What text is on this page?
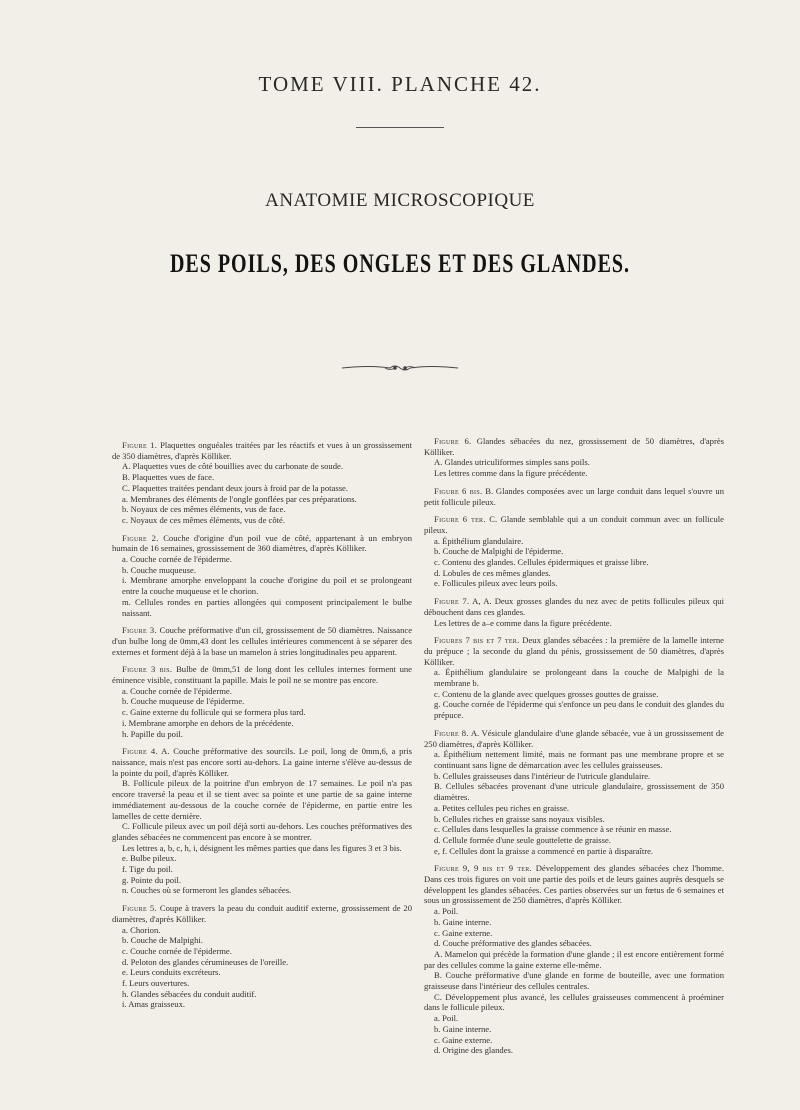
TOME VIII. PLANCHE 42.
ANATOMIE MICROSCOPIQUE
DES POILS, DES ONGLES ET DES GLANDES.

Figure 1. Plaquettes onguéales traitées par les réactifs et vues à un grossissement de 350 diamètres, d'après Kölliker.

A. Plaquettes vues de côté bouillies avec du carbonate de soude.

B. Plaquettes vues de face.

C. Plaquettes traitées pendant deux jours à froid par de la potasse.

a. Membranes des éléments de l'ongle gonflées par ces préparations.

b. Noyaux de ces mêmes éléments, vus de face.

c. Noyaux de ces mêmes éléments, vus de côté.

Figure 2. Couche d'origine d'un poil vue de côté, appartenant à un embryon humain de 16 semaines, grossissement de 360 diamètres, d'après Kölliker.

a. Couche cornée de l'épiderme.

b. Couche muqueuse.

i. Membrane amorphe enveloppant la couche d'origine du poil et se prolongeant entre la couche muqueuse et le chorion.

m. Cellules rondes en parties allongées qui composent principalement le bulbe naissant.

Figure 3. Couche préformative d'un cil, grossissement de 50 diamètres. Naissance d'un bulbe long de 0mm,43 dont les cellules intérieures commencent à se séparer des externes et forment déjà à la base un mamelon à stries longitudinales peu apparent.

Figure 3 bis. Bulbe de 0mm,51 de long dont les cellules internes forment une éminence visible, constituant la papille. Mais le poil ne se montre pas encore.

a. Couche cornée de l'épiderme.

b. Couche muqueuse de l'épiderme.

c. Gaine externe du follicule qui se formera plus tard.

i. Membrane amorphe en dehors de la précédente.

h. Papille du poil.

Figure 4. A. Couche préformative des sourcils. Le poil, long de 0mm,6, a pris naissance, mais n'est pas encore sorti au-dehors. La gaine interne s'élève au-dessus de la pointe du poil, d'après Kölliker.

B. Follicule pileux de la poitrine d'un embryon de 17 semaines. Le poil n'a pas encore traversé la peau et il se tient avec sa pointe et une partie de sa gaine interne immédiatement au-dessous de la couche cornée de l'épiderme, en partie entre les lamelles de cette dernière.

C. Follicule pileux avec un poil déjà sorti au-dehors. Les couches préformatives des glandes sébacées ne commencent pas encore à se montrer.

Les lettres a, b, c, h, i, désignent les mêmes parties que dans les figures 3 et 3 bis.

e. Bulbe pileux.

f. Tige du poil.

g. Pointe du poil.

n. Couches où se formeront les glandes sébacées.

Figure 5. Coupe à travers la peau du conduit auditif externe, grossissement de 20 diamètres, d'après Kölliker.

a. Chorion.

b. Couche de Malpighi.

c. Couche cornée de l'épiderme.

d. Peloton des glandes cérumineuses de l'oreille.

e. Leurs conduits excréteurs.

f. Leurs ouvertures.

h. Glandes sébacées du conduit auditif.

i. Amas graisseux.

Figure 6. Glandes sébacées du nez, grossissement de 50 diamètres, d'après Kölliker.

A. Glandes utriculiformes simples sans poils.

Les lettres comme dans la figure précédente.

Figure 6 bis. B. Glandes composées avec un large conduit dans lequel s'ouvre un petit follicule pileux.

Figure 6 ter. C. Glande semblable qui a un conduit commun avec un follicule pileux.

a. Épithélium glandulaire.

b. Couche de Malpighi de l'épiderme.

c. Contenu des glandes. Cellules épidermiques et graisse libre.

d. Lobules de ces mêmes glandes.

e. Follicules pileux avec leurs poils.

Figure 7. A, A. Deux grosses glandes du nez avec de petits follicules pileux qui débouchent dans ces glandes.

Les lettres de a–e comme dans la figure précédente.

Figures 7 bis et 7 ter. Deux glandes sébacées : la première de la lamelle interne du prépuce ; la seconde du gland du pénis, grossissement de 50 diamètres, d'après Kölliker.

a. Épithélium glandulaire se prolongeant dans la couche de Malpighi de la membrane b.

c. Contenu de la glande avec quelques grosses gouttes de graisse.

g. Couche cornée de l'épiderme qui s'enfonce un peu dans le conduit des glandes du prépuce.

Figure 8. A. Vésicule glandulaire d'une glande sébacée, vue à un grossissement de 250 diamètres, d'après Kölliker.

a. Épithélium nettement limité, mais ne formant pas une membrane propre et se continuant sans ligne de démarcation avec les cellules graisseuses.

b. Cellules graisseuses dans l'intérieur de l'utricule glandulaire.

B. Cellules sébacées provenant d'une utricule glandulaire, grossissement de 350 diamètres.

a. Petites cellules peu riches en graisse.

b. Cellules riches en graisse sans noyaux visibles.

c. Cellules dans lesquelles la graisse commence à se réunir en masse.

d. Cellule formée d'une seule gouttelette de graisse.

e, f. Cellules dont la graisse a commencé en partie à disparaître.

Figure 9, 9 bis et 9 ter. Développement des glandes sébacées chez l'homme. Dans ces trois figures on voit une partie des poils et de leurs gaines auprès desquels se développent les glandes sébacées. Ces parties observées sur un fœtus de 6 semaines et sous un grossissement de 250 diamètres, d'après Kölliker.

a. Poil.

b. Gaine interne.

c. Gaine externe.

d. Couche préformative des glandes sébacées.

A. Mamelon qui précède la formation d'une glande ; il est encore entièrement formé par des cellules comme la gaine externe elle-même.

B. Couche préformative d'une glande en forme de bouteille, avec une formation graisseuse dans l'intérieur des cellules centrales.

C. Développement plus avancé, les cellules graisseuses commencent à proéminer dans le follicule pileux.

a. Poil.

b. Gaine interne.

c. Gaine externe.

d. Origine des glandes.
